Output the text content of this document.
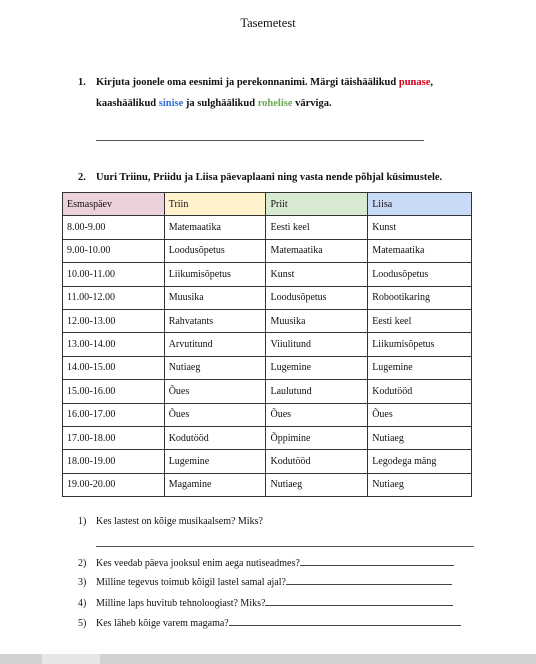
Tasemetest
1. Kirjuta joonele oma eesnimi ja perekonnanimi. Märgi täishäälikud punase,
kaashäälikud sinise ja sulghäälikud rohelise värviga.
2. Uuri Triinu, Priidu ja Liisa päevaplaani ning vasta nende põhjal küsimustele.
Esmaspäev	Triin	Priit	Liisa
8.00-9.00	Matemaatika	Eesti keel	Kunst
9.00-10.00	Loodusõpetus	Matemaatika	Matemaatika
10.00-11.00	Liikumisõpetus	Kunst	Loodusõpetus
11.00-12.00	Muusika	Loodusõpetus	Robootikaring
12.00-13.00	Rahvatants	Muusika	Eesti keel
13.00-14.00	Arvutitund	Viiulitund	Liikumisõpetus
14.00-15.00	Nutiaeg	Lugemine	Lugemine
15.00-16.00	Õues	Laulutund	Kodutööd
16.00-17.00	Õues	Õues	Õues
17.00-18.00	Kodutööd	Õppimine	Nutiaeg
18.00-19.00	Lugemine	Kodutööd	Legodega mäng
19.00-20.00	Magamine	Nutiaeg	Nutiaeg
1) Kes lastest on kõige musikaalsem? Miks?
2) Kes veedab päeva jooksul enim aega nutiseadmes?
3) Milline tegevus toimub kõigil lastel samal ajal?
4) Milline laps huvitub tehnoloogiast? Miks?
5) Kes läheb kõige varem magama?
